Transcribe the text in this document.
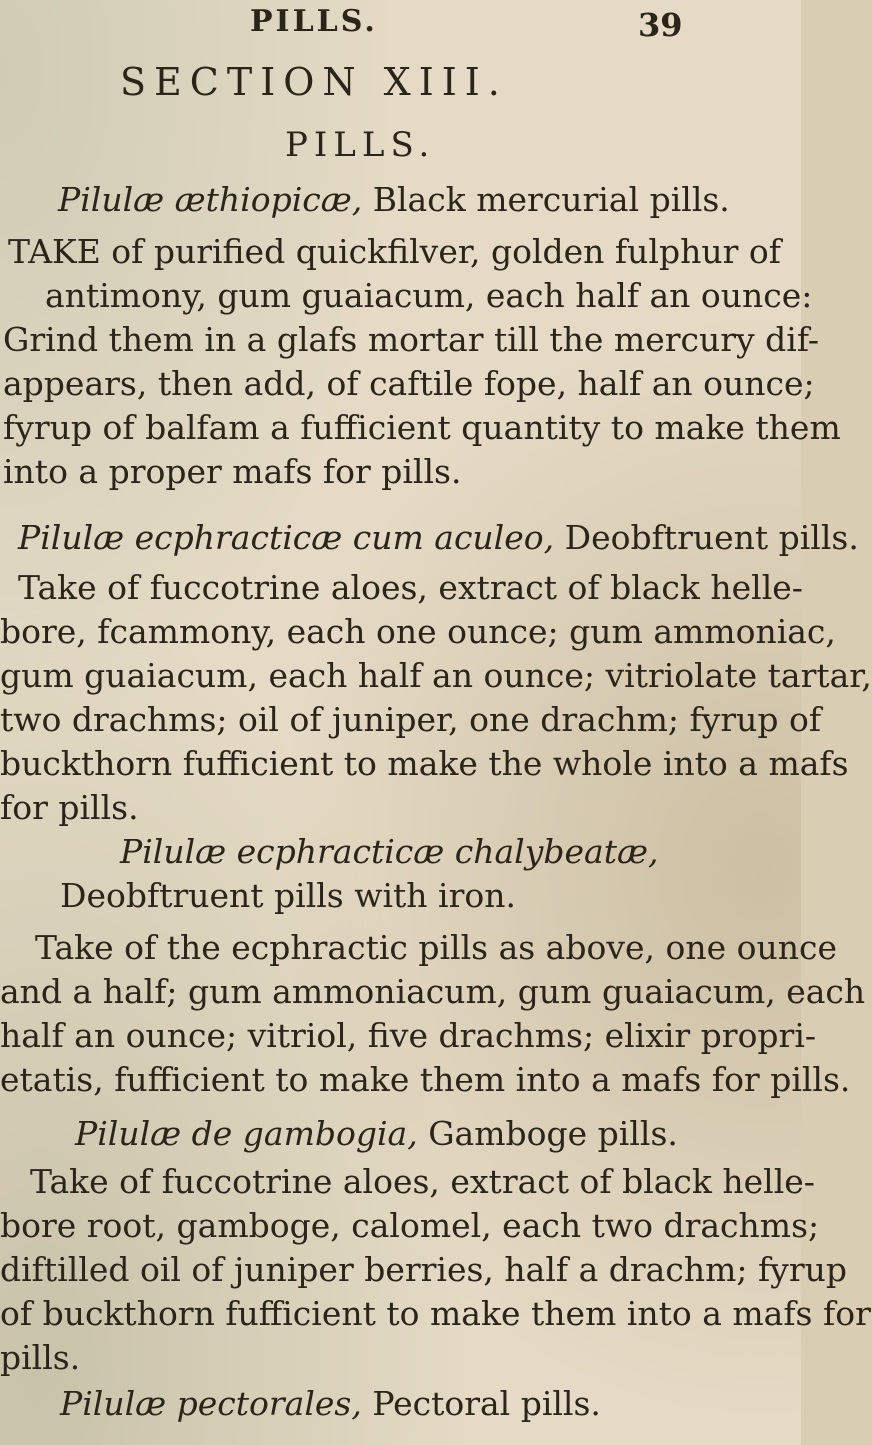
PILLS.	39
SECTION XIII.
PILLS.
Pilulæ æthiopicæ, Black mercurial pills.
TAKE of purified quickfilver, golden fulphur of
antimony, gum guaiacum, each half an ounce:
Grind them in a glafs mortar till the mercury dif-
appears, then add, of caftile fope, half an ounce;
fyrup of balfam a fufficient quantity to make them
into a proper mafs for pills.
Pilulæ ecphracticæ cum aculeo, Deobftruent pills.
Take of fuccotrine aloes, extract of black helle-
bore, fcammony, each one ounce; gum ammoniac,
gum guaiacum, each half an ounce; vitriolate tartar,
two drachms; oil of juniper, one drachm; fyrup of
buckthorn fufficient to make the whole into a mafs
for pills.
Pilulæ ecphracticæ chalybeatæ,
Deobftruent pills with iron.
Take of the ecphractic pills as above, one ounce
and a half; gum ammoniacum, gum guaiacum, each
half an ounce; vitriol, five drachms; elixir propri-
etatis, fufficient to make them into a mafs for pills.
Pilulæ de gambogia, Gamboge pills.
Take of fuccotrine aloes, extract of black helle-
bore root, gamboge, calomel, each two drachms;
diftilled oil of juniper berries, half a drachm; fyrup
of buckthorn fufficient to make them into a mafs for
pills.
Pilulæ pectorales, Pectoral pills.
